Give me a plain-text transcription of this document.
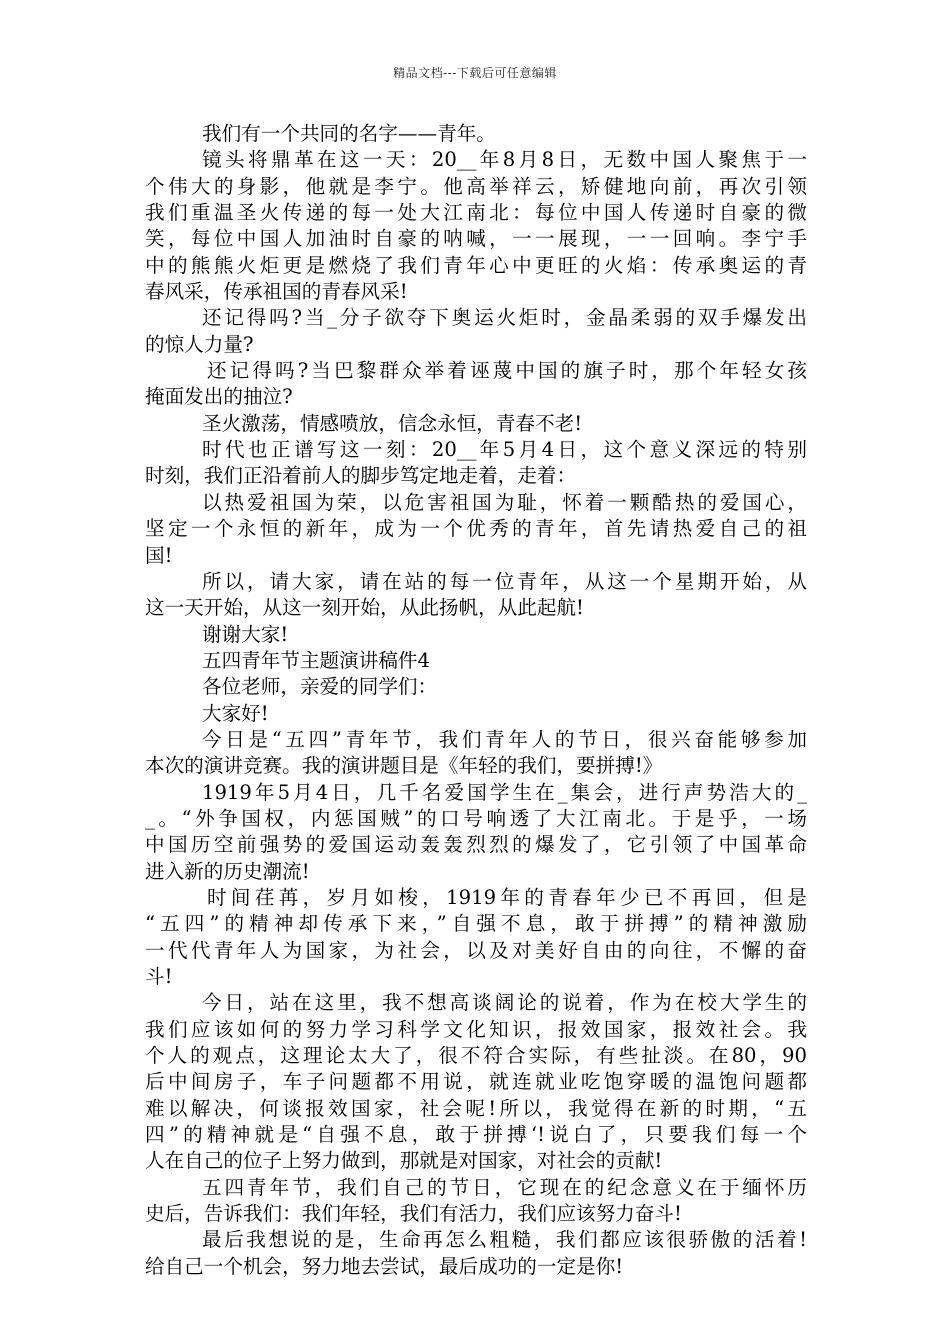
精品文档---下载后可任意编辑
我们有一个共同的名字——青年。
镜头将鼎革在这一天：20__年8月8日，无数中国人聚焦于一
个伟大的身影，他就是李宁。他高举祥云，矫健地向前，再次引领
我们重温圣火传递的每一处大江南北：每位中国人传递时自豪的微
笑，每位中国人加油时自豪的呐喊，一一展现，一一回响。李宁手
中的熊熊火炬更是燃烧了我们青年心中更旺的火焰：传承奥运的青
春风采，传承祖国的青春风采!
还记得吗?当_分子欲夺下奥运火炬时，金晶柔弱的双手爆发出
的惊人力量?
还记得吗?当巴黎群众举着诬蔑中国的旗子时，那个年轻女孩
掩面发出的抽泣?
圣火激荡，情感喷放，信念永恒，青春不老!
时代也正谱写这一刻：20__年5月4日，这个意义深远的特别
时刻，我们正沿着前人的脚步笃定地走着，走着：
以热爱祖国为荣，以危害祖国为耻，怀着一颗酷热的爱国心，
坚定一个永恒的新年，成为一个优秀的青年，首先请热爱自己的祖
国!
所以，请大家，请在站的每一位青年，从这一个星期开始，从
这一天开始，从这一刻开始，从此扬帆，从此起航!
谢谢大家!
五四青年节主题演讲稿件4
各位老师，亲爱的同学们：
大家好!
今日是“五四”青年节，我们青年人的节日，很兴奋能够参加
本次的演讲竞赛。我的演讲题目是《年轻的我们，要拼搏!》
1919年5月4日，几千名爱国学生在_集会，进行声势浩大的_
_。“外争国权，内惩国贼”的口号响透了大江南北。于是乎，一场
中国历空前强势的爱国运动轰轰烈烈的爆发了，它引领了中国革命
进入新的历史潮流!
时间荏苒，岁月如梭，1919年的青春年少已不再回，但是
“五四”的精神却传承下来，”自强不息，敢于拼搏”的精神激励
一代代青年人为国家，为社会，以及对美好自由的向往，不懈的奋
斗!
今日，站在这里，我不想高谈阔论的说着，作为在校大学生的
我们应该如何的努力学习科学文化知识，报效国家，报效社会。我
个人的观点，这理论太大了，很不符合实际，有些扯淡。在80，90
后中间房子，车子问题都不用说，就连就业吃饱穿暖的温饱问题都
难以解决，何谈报效国家，社会呢!所以，我觉得在新的时期，“五
四”的精神就是“自强不息，敢于拼搏‘!说白了，只要我们每一个
人在自己的位子上努力做到，那就是对国家，对社会的贡献!
五四青年节，我们自己的节日，它现在的纪念意义在于缅怀历
史后，告诉我们：我们年轻，我们有活力，我们应该努力奋斗!
最后我想说的是，生命再怎么粗糙，我们都应该很骄傲的活着!
给自己一个机会，努力地去尝试，最后成功的一定是你!
